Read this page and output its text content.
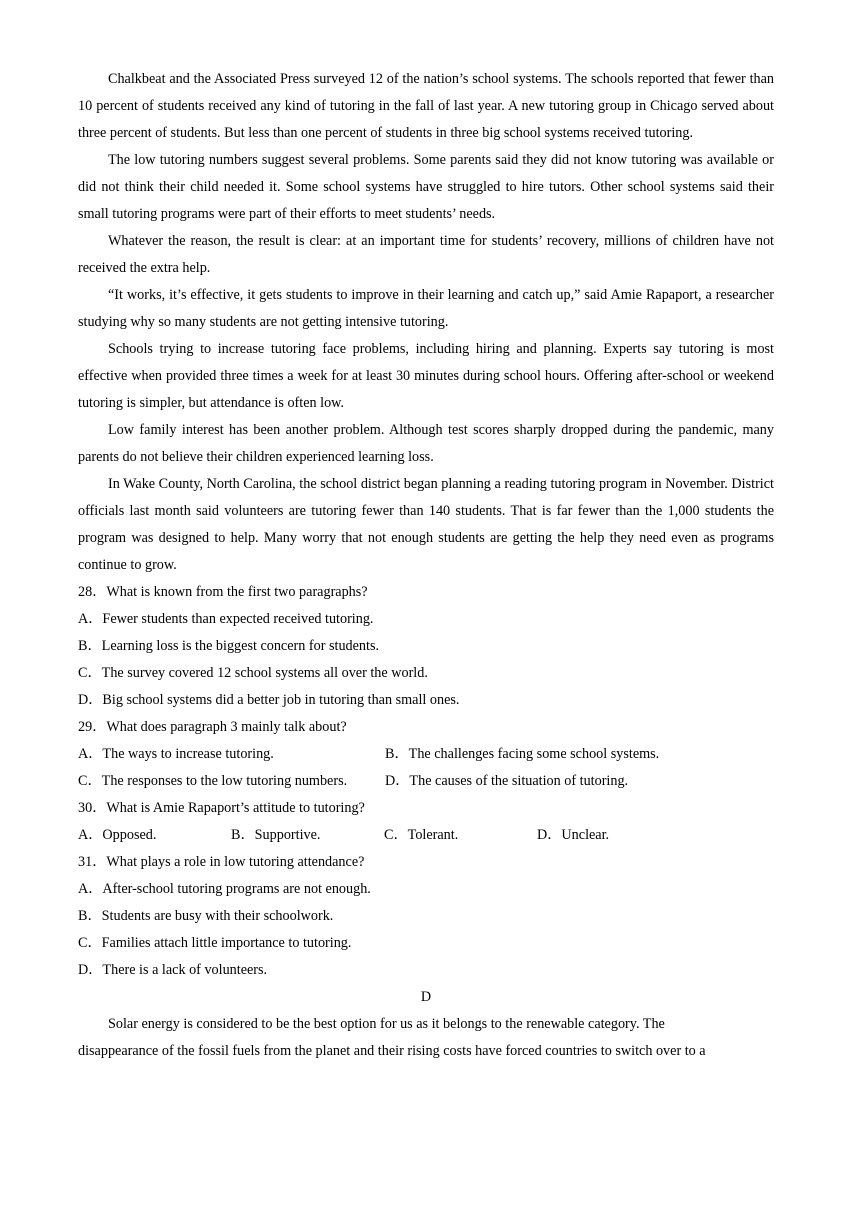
Chalkbeat and the Associated Press surveyed 12 of the nation’s school systems. The schools reported that fewer than 10 percent of students received any kind of tutoring in the fall of last year. A new tutoring group in Chicago served about three percent of students. But less than one percent of students in three big school systems received tutoring.

The low tutoring numbers suggest several problems. Some parents said they did not know tutoring was available or did not think their child needed it. Some school systems have struggled to hire tutors. Other school systems said their small tutoring programs were part of their efforts to meet students’ needs.

Whatever the reason, the result is clear: at an important time for students’ recovery, millions of children have not received the extra help.

“It works, it’s effective, it gets students to improve in their learning and catch up,” said Amie Rapaport, a researcher studying why so many students are not getting intensive tutoring.

Schools trying to increase tutoring face problems, including hiring and planning. Experts say tutoring is most effective when provided three times a week for at least 30 minutes during school hours. Offering after-school or weekend tutoring is simpler, but attendance is often low.

Low family interest has been another problem. Although test scores sharply dropped during the pandemic, many parents do not believe their children experienced learning loss.

In Wake County, North Carolina, the school district began planning a reading tutoring program in November. District officials last month said volunteers are tutoring fewer than 140 students. That is far fewer than the 1,000 students the program was designed to help. Many worry that not enough students are getting the help they need even as programs continue to grow.

28．What is known from the first two paragraphs?

A．Fewer students than expected received tutoring.

B．Learning loss is the biggest concern for students.

C．The survey covered 12 school systems all over the world.

D．Big school systems did a better job in tutoring than small ones.

29．What does paragraph 3 mainly talk about?

A．The ways to increase tutoring.	B．The challenges facing some school systems.
C．The responses to the low tutoring numbers.	D．The causes of the situation of tutoring.

30．What is Amie Rapaport’s attitude to tutoring?

A．Opposed.	B．Supportive.	C．Tolerant.	D．Unclear.

31．What plays a role in low tutoring attendance?

A．After-school tutoring programs are not enough.

B．Students are busy with their schoolwork.

C．Families attach little importance to tutoring.

D．There is a lack of volunteers.

D

Solar energy is considered to be the best option for us as it belongs to the renewable category. The

disappearance of the fossil fuels from the planet and their rising costs have forced countries to switch over to a
